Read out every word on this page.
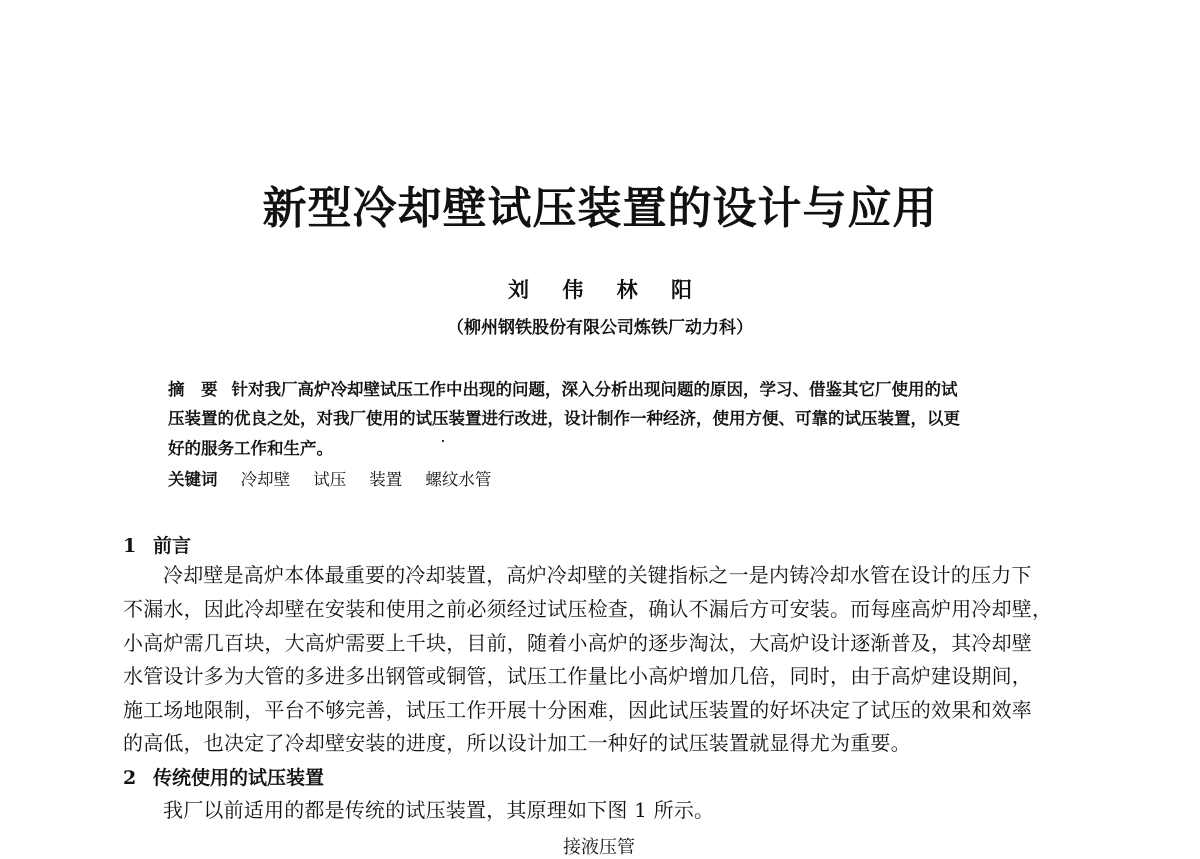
新型冷却壁试压装置的设计与应用
刘 伟 林 阳
（柳州钢铁股份有限公司炼铁厂动力科）
摘　要 针对我厂高炉冷却壁试压工作中出现的问题，深入分析出现问题的原因，学习、借鉴其它厂使用的试
压装置的优良之处，对我厂使用的试压装置进行改进，设计制作一种经济，使用方便、可靠的试压装置，以更
好的服务工作和生产。
关键词 冷却壁 试压 装置 螺纹水管
1 前言
冷却壁是高炉本体最重要的冷却装置，高炉冷却壁的关键指标之一是内铸冷却水管在设计的压力下
不漏水，因此冷却壁在安装和使用之前必须经过试压检查，确认不漏后方可安装。而每座高炉用冷却壁，
小高炉需几百块，大高炉需要上千块，目前，随着小高炉的逐步淘汰，大高炉设计逐渐普及，其冷却壁
水管设计多为大管的多进多出钢管或铜管，试压工作量比小高炉增加几倍，同时，由于高炉建设期间，
施工场地限制，平台不够完善，试压工作开展十分困难，因此试压装置的好坏决定了试压的效果和效率
的高低，也决定了冷却壁安装的进度，所以设计加工一种好的试压装置就显得尤为重要。
2 传统使用的试压装置
我厂以前适用的都是传统的试压装置，其原理如下图 1 所示。
接液压管
